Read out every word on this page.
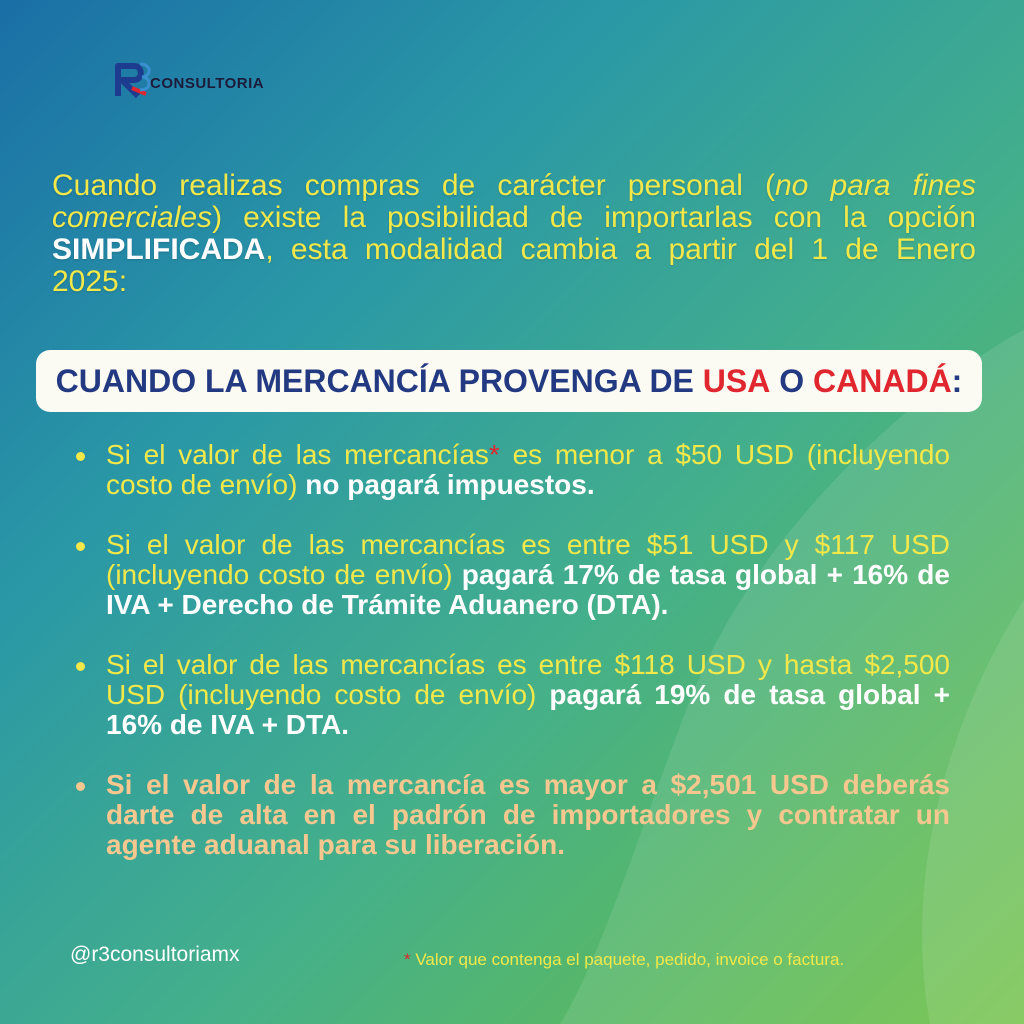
CONSULTORIA
Cuando realizas compras de carácter personal (no para fines comerciales) existe la posibilidad de importarlas con la opción SIMPLIFICADA, esta modalidad cambia a partir del 1 de Enero 2025:
CUANDO LA MERCANCÍA PROVENGA DE USA O CANADÁ :
Si el valor de las mercancías* es menor a $50 USD (incluyendo costo de envío) no pagará impuestos.
Si el valor de las mercancías es entre $51 USD y $117 USD (incluyendo costo de envío) pagará 17% de tasa global + 16% de IVA + Derecho de Trámite Aduanero (DTA).
Si el valor de las mercancías es entre $118 USD y hasta $2,500 USD (incluyendo costo de envío) pagará 19% de tasa global + 16% de IVA + DTA.
Si el valor de la mercancía es mayor a $2,501 USD deberás darte de alta en el padrón de importadores y contratar un agente aduanal para su liberación.
@r3consultoriamx	* Valor que contenga el paquete, pedido, invoice o factura.
